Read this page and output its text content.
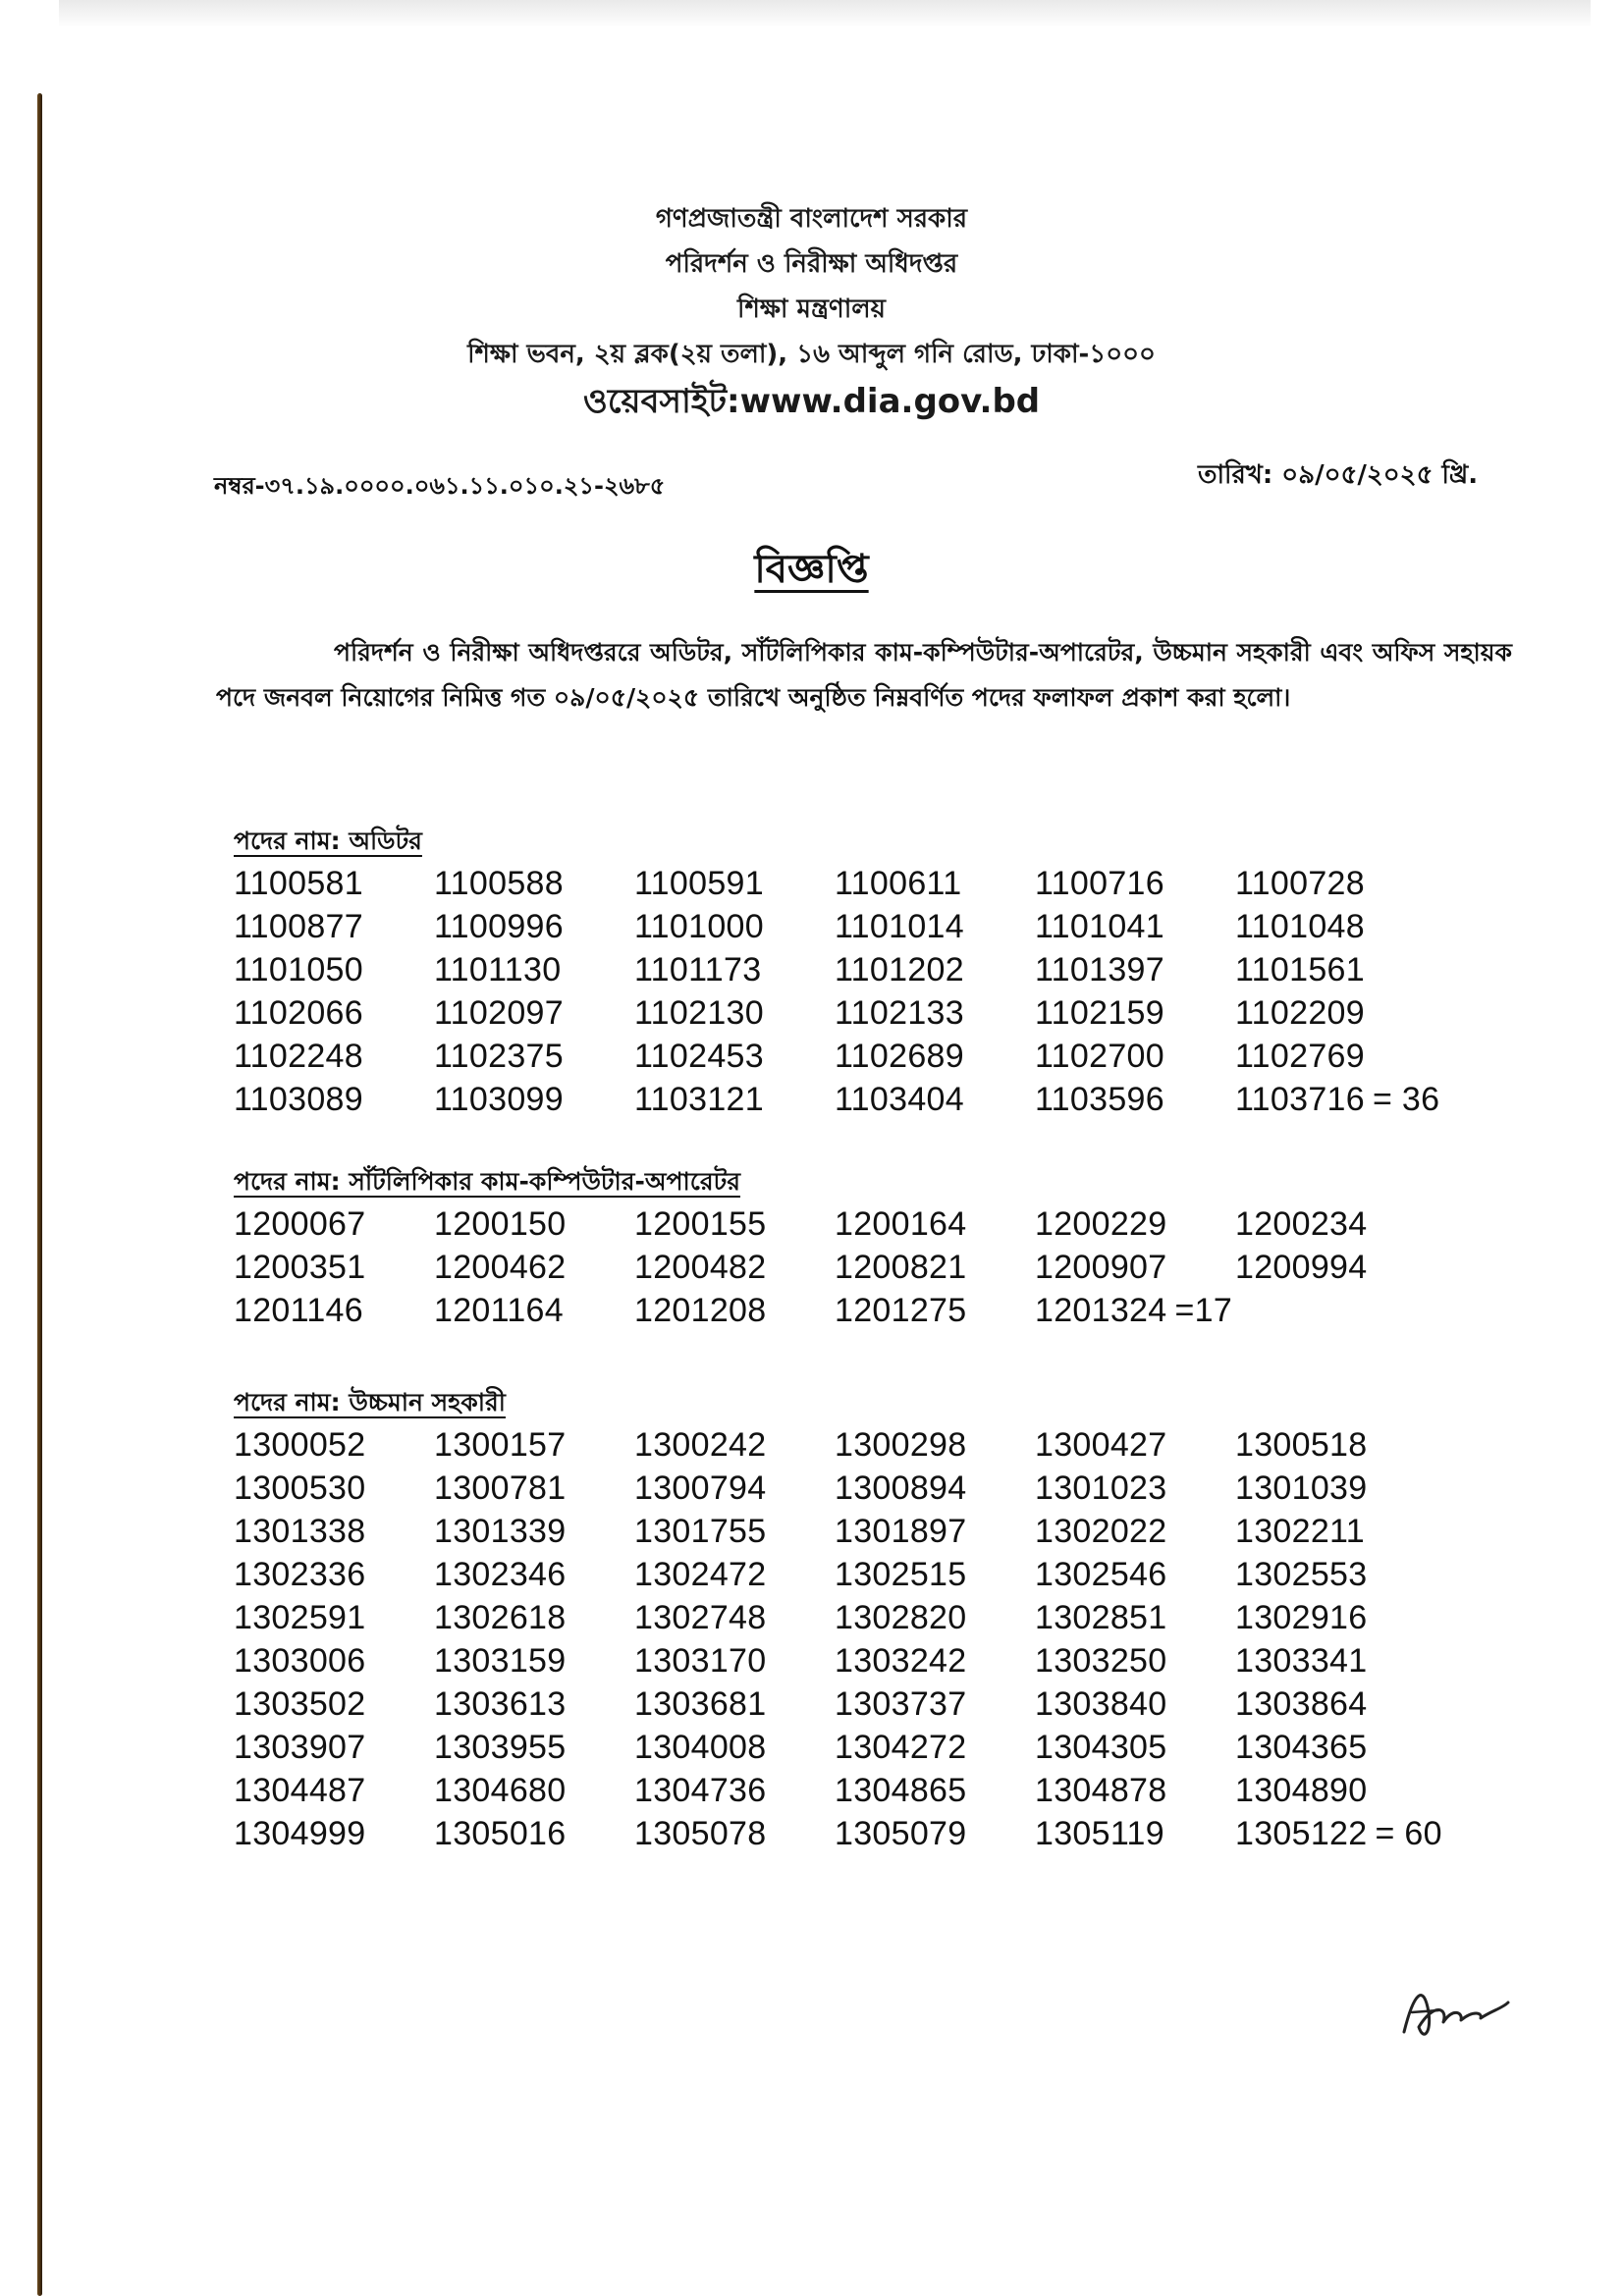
গণপ্রজাতন্ত্রী বাংলাদেশ সরকার
পরিদর্শন ও নিরীক্ষা অধিদপ্তর
শিক্ষা মন্ত্রণালয়
শিক্ষা ভবন, ২য় ব্লক(২য় তলা), ১৬ আব্দুল গনি রোড, ঢাকা-১০০০
ওয়েবসাইট:www.dia.gov.bd
নম্বর-৩৭.১৯.০০০০.০৬১.১১.০১০.২১-২৬৮৫	তারিখ: ০৯/০৫/২০২৫ খ্রি.
বিজ্ঞপ্তি
পরিদর্শন ও নিরীক্ষা অধিদপ্তররে অডিটর, সাঁটলিপিকার কাম-কম্পিউটার-অপারেটর, উচ্চমান সহকারী এবং অফিস সহায়ক পদে জনবল নিয়োগের নিমিত্ত গত ০৯/০৫/২০২৫ তারিখে অনুষ্ঠিত নিম্নবর্ণিত পদের ফলাফল প্রকাশ করা হলো।
পদের নাম: অডিটর
1100581	1100588	1100591	1100611	1100716	1100728
1100877	1100996	1101000	1101014	1101041	1101048
1101050	1101130	1101173	1101202	1101397	1101561
1102066	1102097	1102130	1102133	1102159	1102209
1102248	1102375	1102453	1102689	1102700	1102769
1103089	1103099	1103121	1103404	1103596	1103716 = 36
পদের নাম: সাঁটলিপিকার কাম-কম্পিউটার-অপারেটর
1200067	1200150	1200155	1200164	1200229	1200234
1200351	1200462	1200482	1200821	1200907	1200994
1201146	1201164	1201208	1201275	1201324 =17
পদের নাম: উচ্চমান সহকারী
1300052	1300157	1300242	1300298	1300427	1300518
1300530	1300781	1300794	1300894	1301023	1301039
1301338	1301339	1301755	1301897	1302022	1302211
1302336	1302346	1302472	1302515	1302546	1302553
1302591	1302618	1302748	1302820	1302851	1302916
1303006	1303159	1303170	1303242	1303250	1303341
1303502	1303613	1303681	1303737	1303840	1303864
1303907	1303955	1304008	1304272	1304305	1304365
1304487	1304680	1304736	1304865	1304878	1304890
1304999	1305016	1305078	1305079	1305119	1305122 = 60
